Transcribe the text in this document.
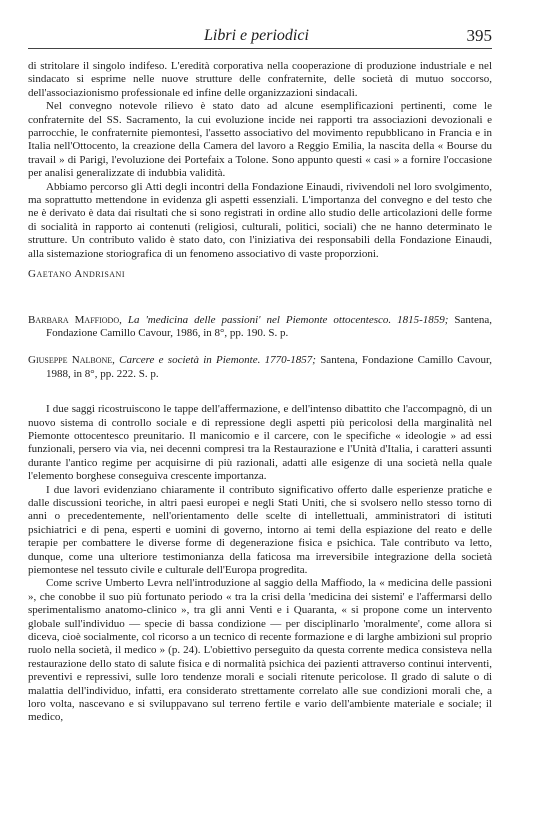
Libri e periodici	395

di stritolare il singolo indifeso. L'eredità corporativa nella cooperazione di produzione industriale e nel sindacato si esprime nelle nuove strutture delle confraternite, delle società di mutuo soccorso, dell'associazionismo professionale ed infine delle organizzazioni sindacali.

Nel convegno notevole rilievo è stato dato ad alcune esemplificazioni pertinenti, come le confraternite del SS. Sacramento, la cui evoluzione incide nei rapporti tra associazioni devozionali e parrocchie, le confraternite piemontesi, l'assetto associativo del movimento repubblicano in Francia e in Italia nell'Ottocento, la creazione della Camera del lavoro a Reggio Emilia, la nascita della « Bourse du travail » di Parigi, l'evoluzione dei Portefaix a Tolone. Sono appunto questi « casi » a fornire l'occasione per analisi generalizzate di indubbia validità.

Abbiamo percorso gli Atti degli incontri della Fondazione Einaudi, rivivendoli nel loro svolgimento, ma soprattutto mettendone in evidenza gli aspetti essenziali. L'importanza del convegno e del testo che ne è derivato è data dai risultati che si sono registrati in ordine allo studio delle articolazioni delle forme di socialità in rapporto ai contenuti (religiosi, culturali, politici, sociali) che ne hanno determinato le strutture. Un contributo valido è stato dato, con l'iniziativa dei responsabili della Fondazione Einaudi, alla sistemazione storiografica di un fenomeno associativo di vaste proporzioni.

Gaetano Andrisani

Barbara Maffiodo, La 'medicina delle passioni' nel Piemonte ottocentesco. 1815-1859; Santena, Fondazione Camillo Cavour, 1986, in 8°, pp. 190. S. p.

Giuseppe Nalbone, Carcere e società in Piemonte. 1770-1857; Santena, Fondazione Camillo Cavour, 1988, in 8°, pp. 222. S. p.

I due saggi ricostruiscono le tappe dell'affermazione, e dell'intenso dibattito che l'accompagnò, di un nuovo sistema di controllo sociale e di repressione degli aspetti più pericolosi della marginalità nel Piemonte ottocentesco preunitario. Il manicomio e il carcere, con le specifiche « ideologie » ad essi funzionali, persero via via, nei decenni compresi tra la Restaurazione e l'Unità d'Italia, i caratteri assunti durante l'antico regime per acquisirne di più razionali, adatti alle esigenze di una società nella quale l'elemento borghese conseguiva crescente importanza.

I due lavori evidenziano chiaramente il contributo significativo offerto dalle esperienze pratiche e dalle discussioni teoriche, in altri paesi europei e negli Stati Uniti, che si svolsero nello stesso torno di anni o precedentemente, nell'orientamento delle scelte di intellettuali, amministratori di istituti psichiatrici e di pena, esperti e uomini di governo, intorno ai temi della espiazione del reato e delle terapie per combattere le diverse forme di degenerazione fisica e psichica. Tale contributo va letto, dunque, come una ulteriore testimonianza della faticosa ma irreversibile integrazione della società piemontese nel tessuto civile e culturale dell'Europa progredita.

Come scrive Umberto Levra nell'introduzione al saggio della Maffiodo, la « medicina delle passioni », che conobbe il suo più fortunato periodo « tra la crisi della 'medicina dei sistemi' e l'affermarsi dello sperimentalismo anatomo-clinico », tra gli anni Venti e i Quaranta, « si propone come un intervento globale sull'individuo — specie di bassa condizione — per disciplinarlo 'moralmente', come allora si diceva, cioè socialmente, col ricorso a un tecnico di recente formazione e di larghe ambizioni sul proprio ruolo nella società, il medico » (p. 24). L'obiettivo perseguito da questa corrente medica consisteva nella restaurazione dello stato di salute fisica e di normalità psichica dei pazienti attraverso continui interventi, preventivi e repressivi, sulle loro tendenze morali e sociali ritenute pericolose. Il grado di salute o di malattia dell'individuo, infatti, era considerato strettamente correlato alle sue condizioni morali che, a loro volta, nascevano e si sviluppavano sul terreno fertile e vario dell'ambiente materiale e sociale; il medico,
